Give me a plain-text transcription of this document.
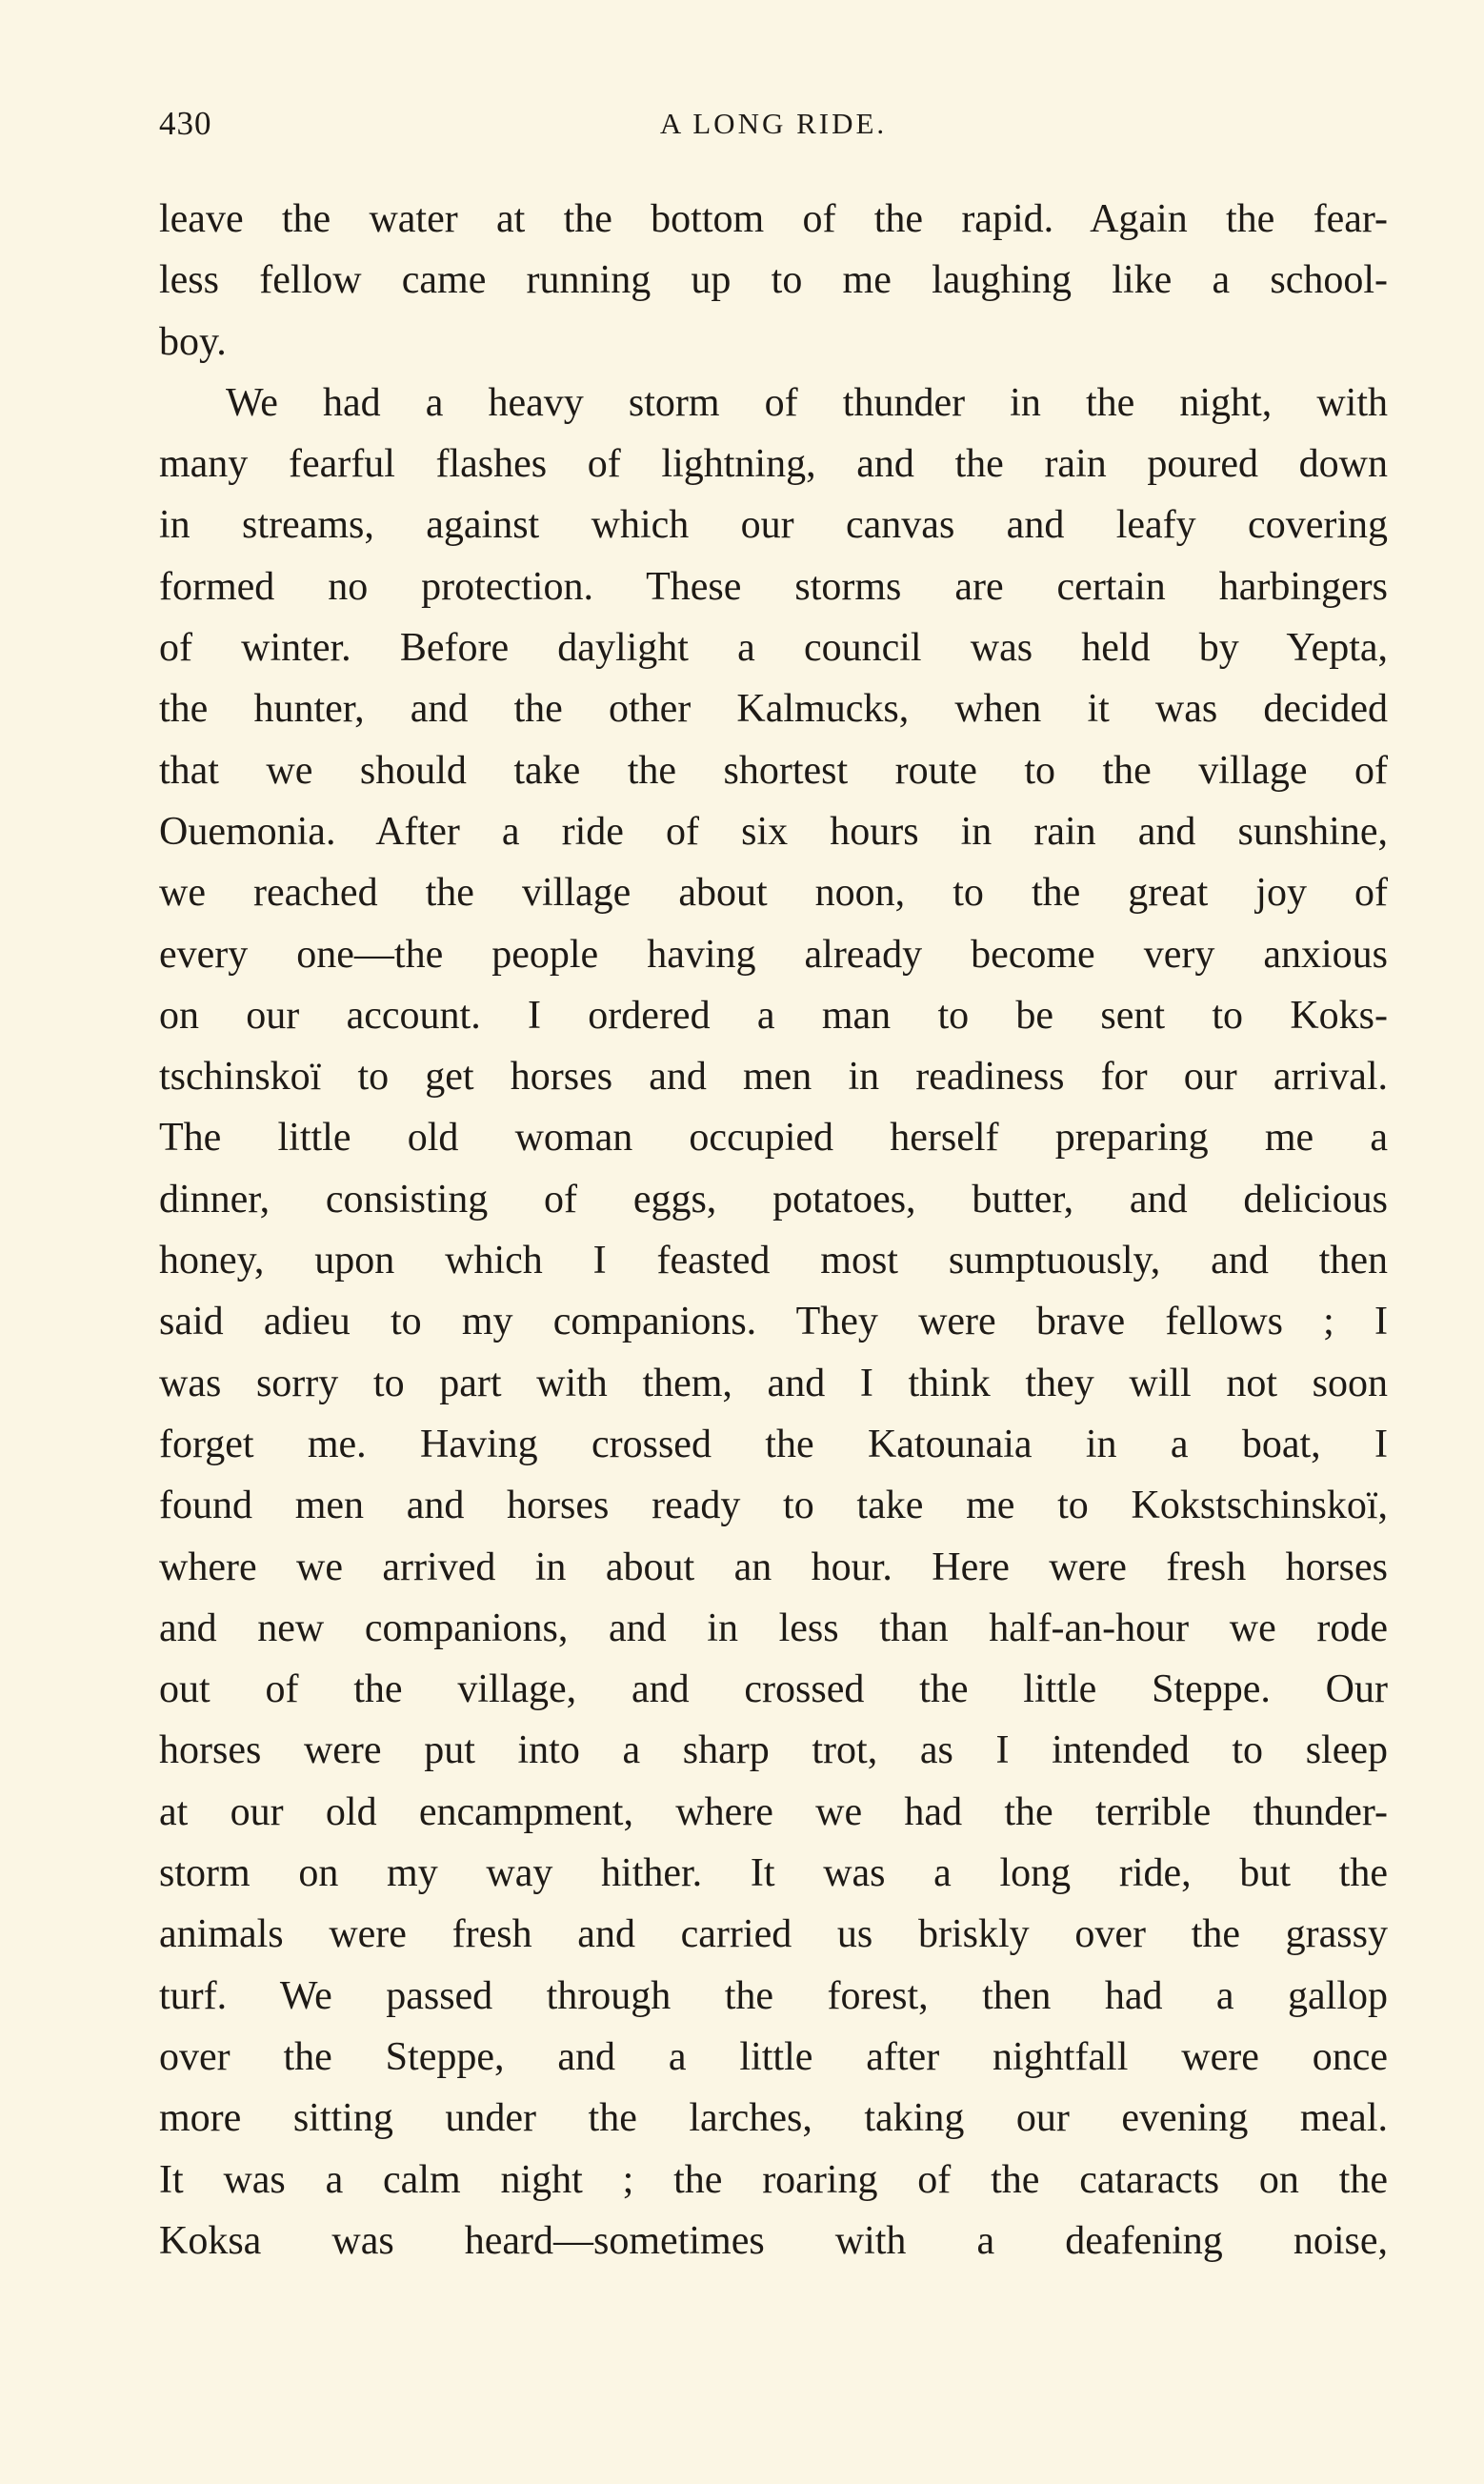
430	A LONG RIDE.
leave the water at the bottom of the rapid. Again the fear-
less fellow came running up to me laughing like a school-
boy.
We had a heavy storm of thunder in the night, with
many fearful flashes of lightning, and the rain poured down
in streams, against which our canvas and leafy covering
formed no protection. These storms are certain harbingers
of winter. Before daylight a council was held by Yepta,
the hunter, and the other Kalmucks, when it was decided
that we should take the shortest route to the village of
Ouemonia. After a ride of six hours in rain and sunshine,
we reached the village about noon, to the great joy of
every one—the people having already become very anxious
on our account. I ordered a man to be sent to Koks-
tschinskoï to get horses and men in readiness for our arrival.
The little old woman occupied herself preparing me a
dinner, consisting of eggs, potatoes, butter, and delicious
honey, upon which I feasted most sumptuously, and then
said adieu to my companions. They were brave fellows ; I
was sorry to part with them, and I think they will not soon
forget me. Having crossed the Katounaia in a boat, I
found men and horses ready to take me to Kokstschinskoï,
where we arrived in about an hour. Here were fresh horses
and new companions, and in less than half-an-hour we rode
out of the village, and crossed the little Steppe. Our
horses were put into a sharp trot, as I intended to sleep
at our old encampment, where we had the terrible thunder-
storm on my way hither. It was a long ride, but the
animals were fresh and carried us briskly over the grassy
turf. We passed through the forest, then had a gallop
over the Steppe, and a little after nightfall were once
more sitting under the larches, taking our evening meal.
It was a calm night ; the roaring of the cataracts on the
Koksa was heard—sometimes with a deafening noise,
